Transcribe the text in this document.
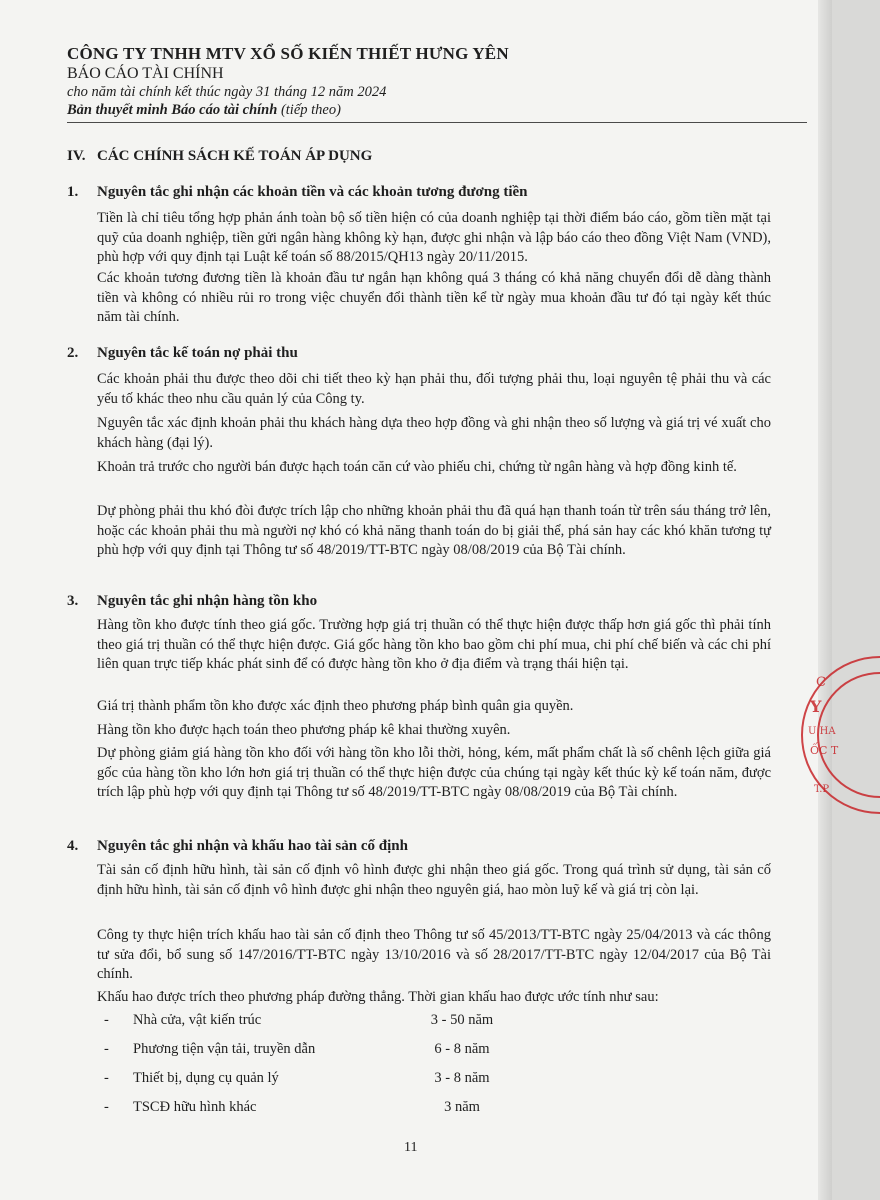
CÔNG TY TNHH MTV XỔ SỐ KIẾN THIẾT HƯNG YÊN
BÁO CÁO TÀI CHÍNH
cho năm tài chính kết thúc ngày 31 tháng 12 năm 2024
Bản thuyết minh Báo cáo tài chính (tiếp theo)
IV. CÁC CHÍNH SÁCH KẾ TOÁN ÁP DỤNG
1. Nguyên tắc ghi nhận các khoản tiền và các khoản tương đương tiền
Tiền là chỉ tiêu tổng hợp phản ánh toàn bộ số tiền hiện có của doanh nghiệp tại thời điểm báo cáo, gồm tiền mặt tại quỹ của doanh nghiệp, tiền gửi ngân hàng không kỳ hạn, được ghi nhận và lập báo cáo theo đồng Việt Nam (VND), phù hợp với quy định tại Luật kế toán số 88/2015/QH13 ngày 20/11/2015.
Các khoản tương đương tiền là khoản đầu tư ngắn hạn không quá 3 tháng có khả năng chuyển đổi dễ dàng thành tiền và không có nhiều rủi ro trong việc chuyển đổi thành tiền kể từ ngày mua khoản đầu tư đó tại ngày kết thúc năm tài chính.
2. Nguyên tắc kế toán nợ phải thu
Các khoản phải thu được theo dõi chi tiết theo kỳ hạn phải thu, đối tượng phải thu, loại nguyên tệ phải thu và các yếu tố khác theo nhu cầu quản lý của Công ty.
Nguyên tắc xác định khoản phải thu khách hàng dựa theo hợp đồng và ghi nhận theo số lượng và giá trị vé xuất cho khách hàng (đại lý).
Khoản trả trước cho người bán được hạch toán căn cứ vào phiếu chi, chứng từ ngân hàng và hợp đồng kinh tế.
Dự phòng phải thu khó đòi được trích lập cho những khoản phải thu đã quá hạn thanh toán từ trên sáu tháng trở lên, hoặc các khoản phải thu mà người nợ khó có khả năng thanh toán do bị giải thể, phá sản hay các khó khăn tương tự phù hợp với quy định tại Thông tư số 48/2019/TT-BTC ngày 08/08/2019 của Bộ Tài chính.
3. Nguyên tắc ghi nhận hàng tồn kho
Hàng tồn kho được tính theo giá gốc. Trường hợp giá trị thuần có thể thực hiện được thấp hơn giá gốc thì phải tính theo giá trị thuần có thể thực hiện được. Giá gốc hàng tồn kho bao gồm chi phí mua, chi phí chế biến và các chi phí liên quan trực tiếp khác phát sinh để có được hàng tồn kho ở địa điểm và trạng thái hiện tại.
Giá trị thành phẩm tồn kho được xác định theo phương pháp bình quân gia quyền.
Hàng tồn kho được hạch toán theo phương pháp kê khai thường xuyên.
Dự phòng giảm giá hàng tồn kho đối với hàng tồn kho lỗi thời, hỏng, kém, mất phẩm chất là số chênh lệch giữa giá gốc của hàng tồn kho lớn hơn giá trị thuần có thể thực hiện được của chúng tại ngày kết thúc kỳ kế toán năm, được trích lập phù hợp với quy định tại Thông tư số 48/2019/TT-BTC ngày 08/08/2019 của Bộ Tài chính.
4. Nguyên tắc ghi nhận và khấu hao tài sản cố định
Tài sản cố định hữu hình, tài sản cố định vô hình được ghi nhận theo giá gốc. Trong quá trình sử dụng, tài sản cố định hữu hình, tài sản cố định vô hình được ghi nhận theo nguyên giá, hao mòn luỹ kế và giá trị còn lại.
Công ty thực hiện trích khấu hao tài sản cố định theo Thông tư số 45/2013/TT-BTC ngày 25/04/2013 và các thông tư sửa đổi, bổ sung số 147/2016/TT-BTC ngày 13/10/2016 và số 28/2017/TT-BTC ngày 12/04/2017 của Bộ Tài chính.
Khấu hao được trích theo phương pháp đường thẳng. Thời gian khấu hao được ước tính như sau:
- Nhà cửa, vật kiến trúc	3 - 50 năm
- Phương tiện vận tải, truyền dẫn	6 - 8 năm
- Thiết bị, dụng cụ quản lý	3 - 8 năm
- TSCĐ hữu hình khác	3 năm
11
C
Y
U HA
ỐC T
T.P
